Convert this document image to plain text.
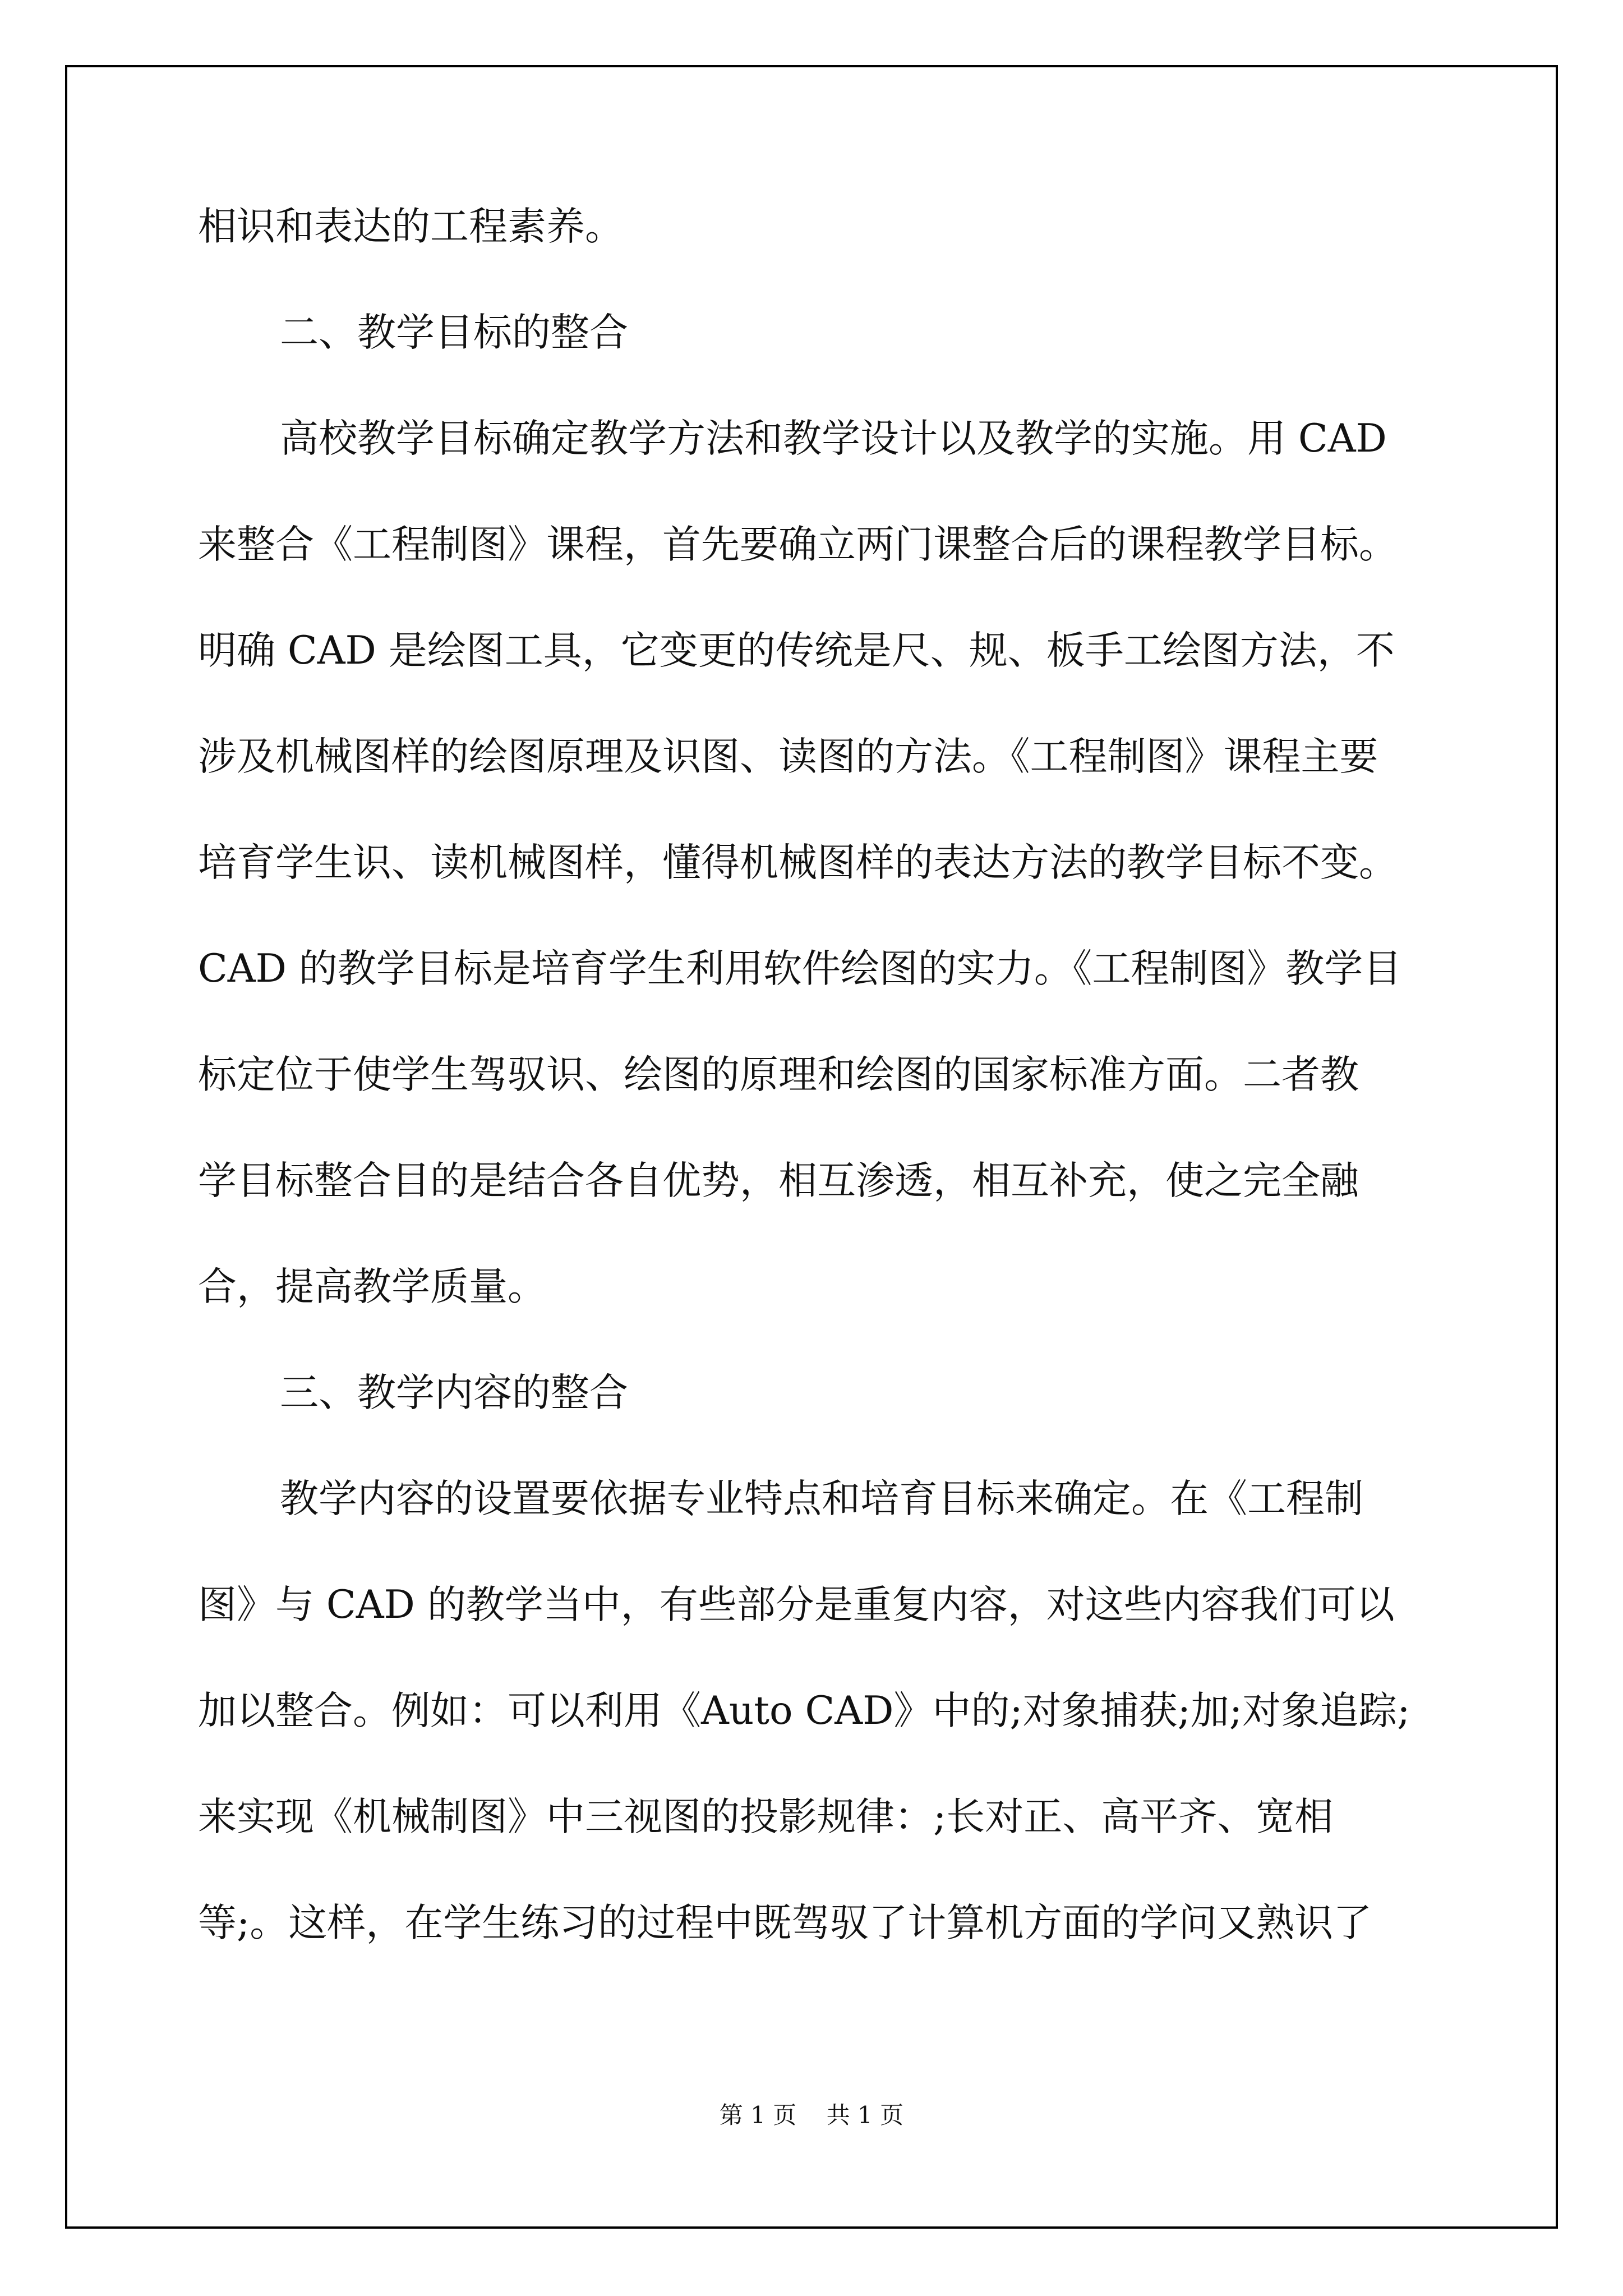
相识和表达的工程素养。

二、教学目标的整合

高校教学目标确定教学方法和教学设计以及教学的实施。用 CAD

来整合《工程制图》课程，首先要确立两门课整合后的课程教学目标。

明确 CAD 是绘图工具，它变更的传统是尺、规、板手工绘图方法，不

涉及机械图样的绘图原理及识图、读图的方法。《工程制图》课程主要

培育学生识、读机械图样，懂得机械图样的表达方法的教学目标不变。

CAD 的教学目标是培育学生利用软件绘图的实力。《工程制图》教学目

标定位于使学生驾驭识、绘图的原理和绘图的国家标准方面。二者教

学目标整合目的是结合各自优势，相互渗透，相互补充，使之完全融

合，提高教学质量。

三、教学内容的整合

教学内容的设置要依据专业特点和培育目标来确定。在《工程制

图》与 CAD 的教学当中，有些部分是重复内容，对这些内容我们可以

加以整合。例如：可以利用《Auto CAD》中的;对象捕获;加;对象追踪;

来实现《机械制图》中三视图的投影规律：;长对正、高平齐、宽相

等;。这样，在学生练习的过程中既驾驭了计算机方面的学问又熟识了

第 1 页    共 1 页
